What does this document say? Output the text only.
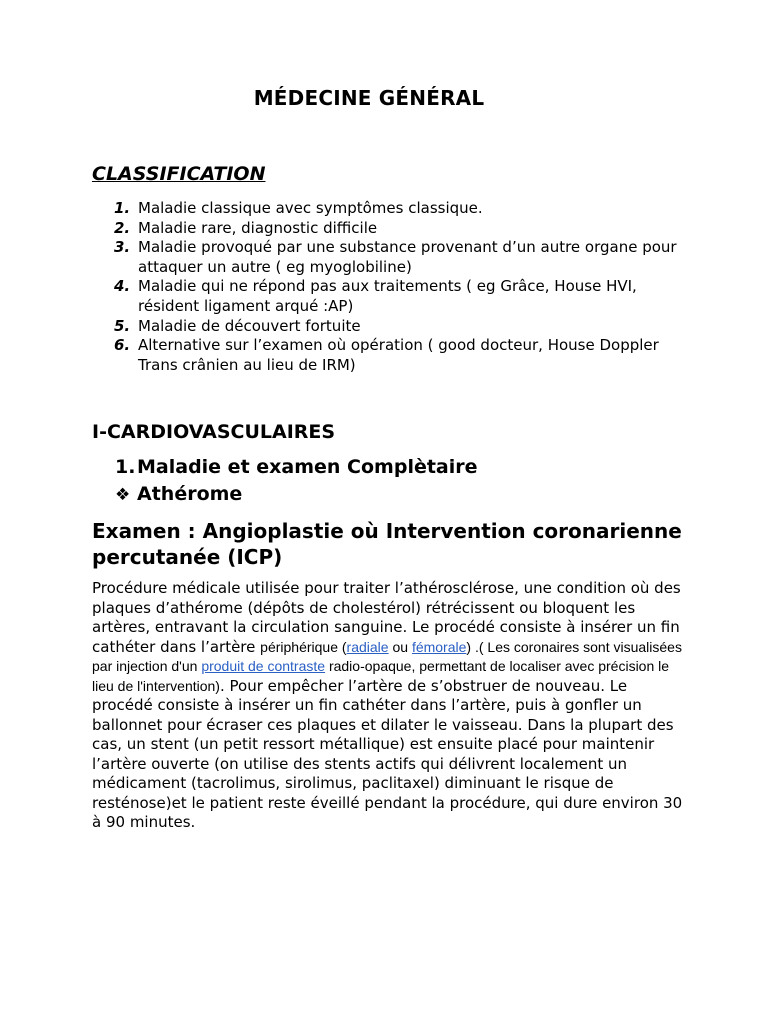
MÉDECINE GÉNÉRAL
CLASSIFICATION
1. Maladie classique avec symptômes classique.
2. Maladie rare, diagnostic difficile
3. Maladie provoqué par une substance provenant d’un autre organe pour attaquer un autre ( eg myoglobiline)
4. Maladie qui ne répond pas aux traitements ( eg Grâce, House HVI, résident ligament arqué :AP)
5. Maladie de découvert fortuite
6. Alternative sur l’examen où opération ( good docteur, House Doppler Trans crânien au lieu de IRM)
I-CARDIOVASCULAIRES
1.Maladie et examen Complètaire
❖ Athérome
Examen : Angioplastie où Intervention coronarienne percutanée (ICP)
Procédure médicale utilisée pour traiter l’athérosclérose, une condition où des plaques d’athérome (dépôts de cholestérol) rétrécissent ou bloquent les artères, entravant la circulation sanguine. Le procédé consiste à insérer un fin cathéter dans l’artère périphérique (radiale ou fémorale) .( Les coronaires sont visualisées par injection d'un produit de contraste radio-opaque, permettant de localiser avec précision le lieu de l'intervention). Pour empêcher l’artère de s’obstruer de nouveau. Le procédé consiste à insérer un fin cathéter dans l’artère, puis à gonfler un ballonnet pour écraser ces plaques et dilater le vaisseau. Dans la plupart des cas, un stent (un petit ressort métallique) est ensuite placé pour maintenir l’artère ouverte (on utilise des stents actifs qui délivrent localement un médicament (tacrolimus, sirolimus, paclitaxel) diminuant le risque de resténose)et le patient reste éveillé pendant la procédure, qui dure environ 30 à 90 minutes.
